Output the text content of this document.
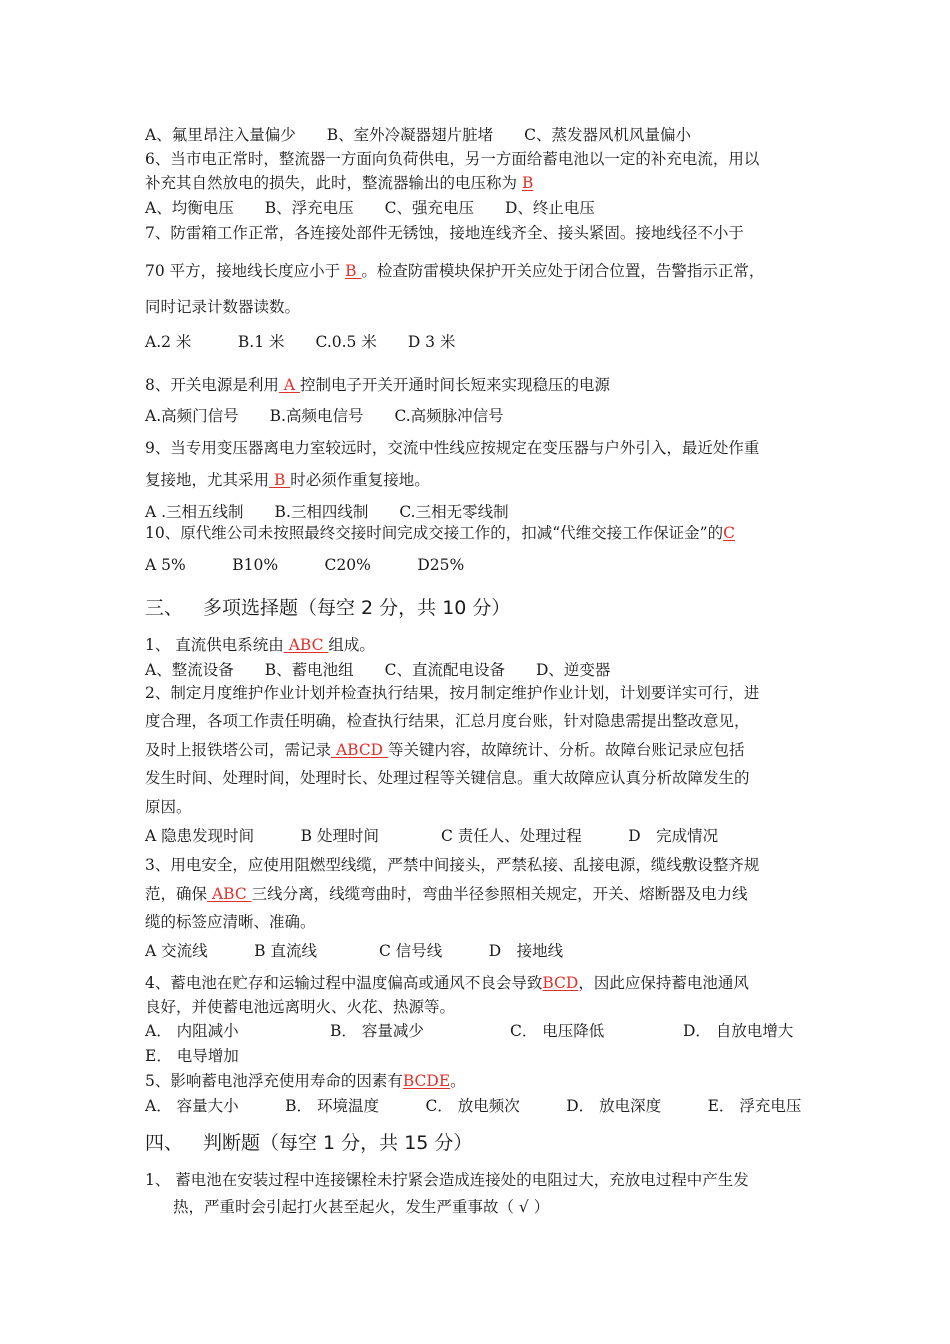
A、氟里昂注入量偏少　　B、室外冷凝器翅片脏堵　　C、蒸发器风机风量偏小
6、当市电正常时，整流器一方面向负荷供电，另一方面给蓄电池以一定的补充电流，用以
补充其自然放电的损失，此时，整流器输出的电压称为 B
A、均衡电压　　B、浮充电压　　C、强充电压　　D、终止电压
7、防雷箱工作正常，各连接处部件无锈蚀，接地连线齐全、接头紧固。接地线径不小于
70 平方，接地线长度应小于 B 。检查防雷模块保护开关应处于闭合位置，告警指示正常，
同时记录计数器读数。
A.2 米　　　B.1 米　　C.0.5 米　　D 3 米
8、开关电源是利用 A 控制电子开关开通时间长短来实现稳压的电源
A.高频门信号　　B.高频电信号　　C.高频脉冲信号
9、当专用变压器离电力室较远时，交流中性线应按规定在变压器与户外引入，最近处作重
复接地，尤其采用 B 时必须作重复接地。
A .三相五线制　　B.三相四线制　　C.三相无零线制
10、原代维公司未按照最终交接时间完成交接工作的，扣减“代维交接工作保证金”的C
A 5%　　　B10%　　　C20%　　　D25%
三、 多项选择题（每空 2 分，共 10 分）
1、 直流供电系统由 ABC 组成。
A、整流设备　　B、蓄电池组　　C、直流配电设备　　D、逆变器
2、制定月度维护作业计划并检查执行结果，按月制定维护作业计划，计划要详实可行，进
度合理，各项工作责任明确，检查执行结果，汇总月度台账，针对隐患需提出整改意见，
及时上报铁塔公司，需记录 ABCD 等关键内容，故障统计、分析。故障台账记录应包括
发生时间、处理时间，处理时长、处理过程等关键信息。重大故障应认真分析故障发生的
原因。
A 隐患发现时间　　　B 处理时间　　　　C 责任人、处理过程　　　D　完成情况
3、用电安全，应使用阻燃型线缆，严禁中间接头，严禁私接、乱接电源，缆线敷设整齐规
范，确保 ABC 三线分离，线缆弯曲时，弯曲半径参照相关规定，开关、熔断器及电力线
缆的标签应清晰、准确。
A 交流线　　　B 直流线　　　　C 信号线　　　D　接地线
4、蓄电池在贮存和运输过程中温度偏高或通风不良会导致BCD，因此应保持蓄电池通风
良好，并使蓄电池远离明火、火花、热源等。
A． 内阻减小	B． 容量减少	C． 电压降低	D． 自放电增大
E． 电导增加
5、影响蓄电池浮充使用寿命的因素有BCDE。
A． 容量大小　　　B． 环境温度　　　C． 放电频次　　　D． 放电深度　　　E． 浮充电压
四、 判断题（每空 1 分，共 15 分）
1、 蓄电池在安装过程中连接镙栓未拧紧会造成连接处的电阻过大，充放电过程中产生发
热，严重时会引起打火甚至起火，发生严重事故（ √ ）
